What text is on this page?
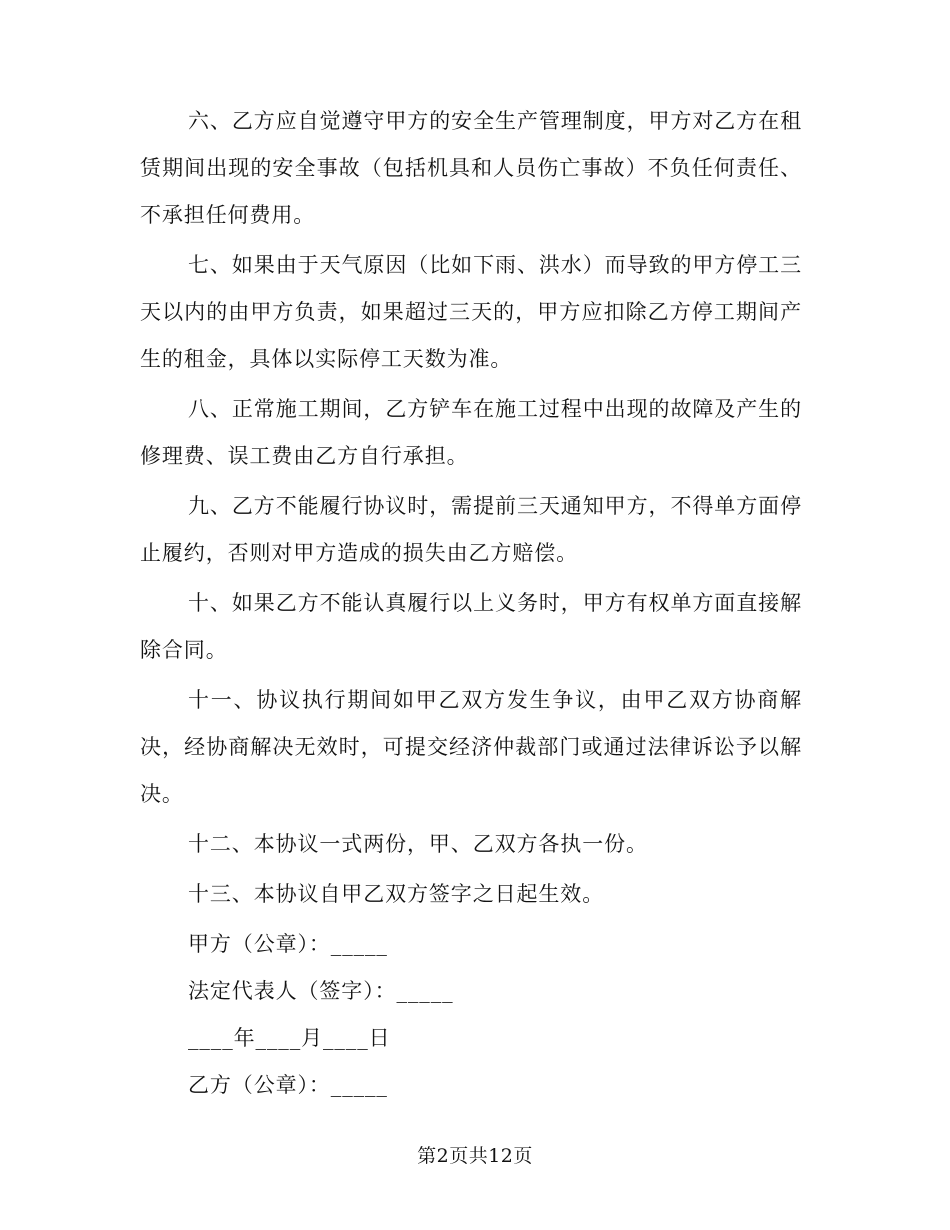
六、乙方应自觉遵守甲方的安全生产管理制度，甲方对乙方在租赁期间出现的安全事故（包括机具和人员伤亡事故）不负任何责任、不承担任何费用。

七、如果由于天气原因（比如下雨、洪水）而导致的甲方停工三天以内的由甲方负责，如果超过三天的，甲方应扣除乙方停工期间产生的租金，具体以实际停工天数为准。

八、正常施工期间，乙方铲车在施工过程中出现的故障及产生的修理费、误工费由乙方自行承担。

九、乙方不能履行协议时，需提前三天通知甲方，不得单方面停止履约，否则对甲方造成的损失由乙方赔偿。

十、如果乙方不能认真履行以上义务时，甲方有权单方面直接解除合同。

十一、协议执行期间如甲乙双方发生争议，由甲乙双方协商解决，经协商解决无效时，可提交经济仲裁部门或通过法律诉讼予以解决。

十二、本协议一式两份，甲、乙双方各执一份。

十三、本协议自甲乙双方签字之日起生效。

甲方（公章）：_____
法定代表人（签字）：_____
____年____月____日
乙方（公章）：_____
第2页共12页
